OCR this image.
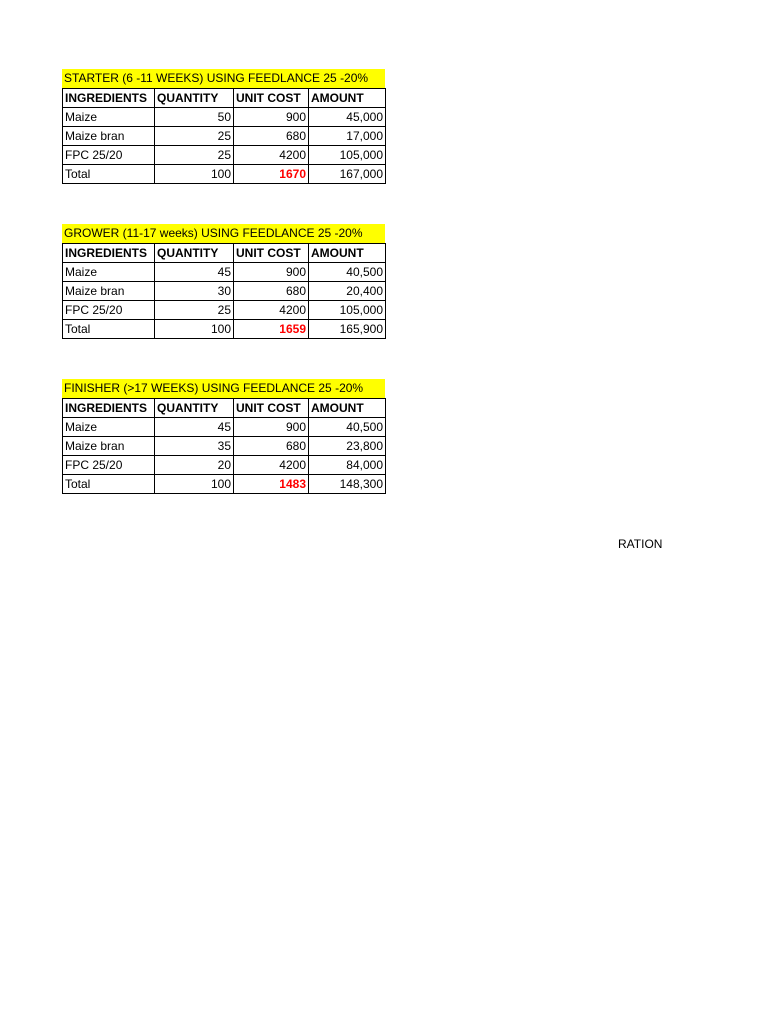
STARTER (6 -11 WEEKS) USING FEEDLANCE 25 -20%
INGREDIENTS	QUANTITY	UNIT COST	AMOUNT
Maize	50	900	45,000
Maize bran	25	680	17,000
FPC 25/20	25	4200	105,000
Total	100	1670	167,000
GROWER (11-17 weeks) USING FEEDLANCE 25 -20%
INGREDIENTS	QUANTITY	UNIT COST	AMOUNT
Maize	45	900	40,500
Maize bran	30	680	20,400
FPC 25/20	25	4200	105,000
Total	100	1659	165,900
FINISHER (>17 WEEKS) USING FEEDLANCE 25 -20%
INGREDIENTS	QUANTITY	UNIT COST	AMOUNT
Maize	45	900	40,500
Maize bran	35	680	23,800
FPC 25/20	20	4200	84,000
Total	100	1483	148,300
RATION
